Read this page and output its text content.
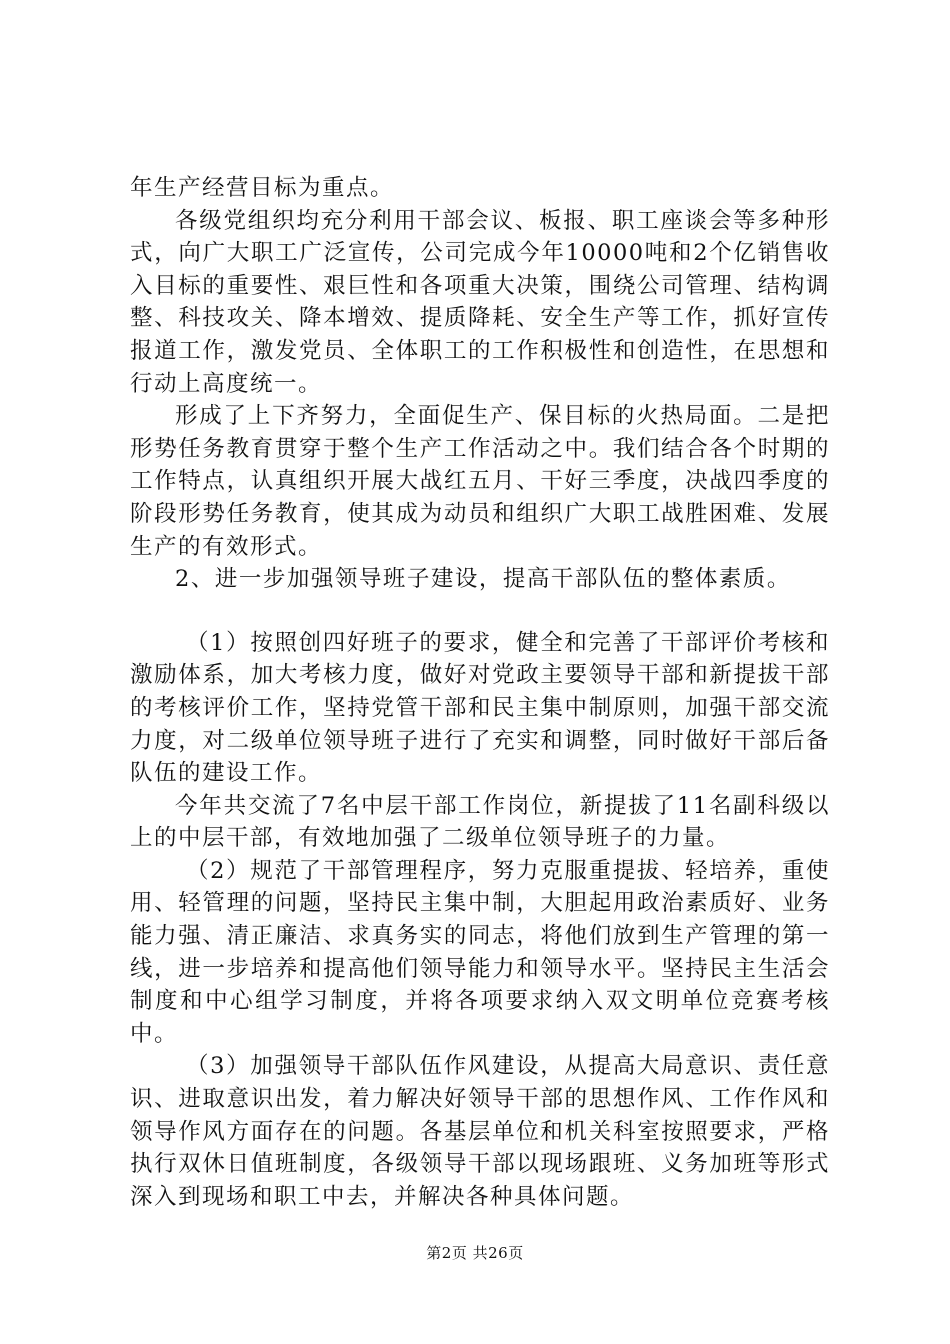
年生产经营目标为重点。

各级党组织均充分利用干部会议、板报、职工座谈会等多种形式，向广大职工广泛宣传，公司完成今年10000吨和2个亿销售收入目标的重要性、艰巨性和各项重大决策，围绕公司管理、结构调整、科技攻关、降本增效、提质降耗、安全生产等工作，抓好宣传报道工作，激发党员、全体职工的工作积极性和创造性，在思想和行动上高度统一。

形成了上下齐努力，全面促生产、保目标的火热局面。二是把形势任务教育贯穿于整个生产工作活动之中。我们结合各个时期的工作特点，认真组织开展大战红五月、干好三季度，决战四季度的阶段形势任务教育，使其成为动员和组织广大职工战胜困难、发展生产的有效形式。

2、进一步加强领导班子建设，提高干部队伍的整体素质。

（1）按照创四好班子的要求，健全和完善了干部评价考核和激励体系，加大考核力度，做好对党政主要领导干部和新提拔干部的考核评价工作，坚持党管干部和民主集中制原则，加强干部交流力度，对二级单位领导班子进行了充实和调整，同时做好干部后备队伍的建设工作。

今年共交流了7名中层干部工作岗位，新提拔了11名副科级以上的中层干部，有效地加强了二级单位领导班子的力量。

（2）规范了干部管理程序，努力克服重提拔、轻培养，重使用、轻管理的问题，坚持民主集中制，大胆起用政治素质好、业务能力强、清正廉洁、求真务实的同志，将他们放到生产管理的第一线，进一步培养和提高他们领导能力和领导水平。坚持民主生活会制度和中心组学习制度，并将各项要求纳入双文明单位竞赛考核中。

（3）加强领导干部队伍作风建设，从提高大局意识、责任意识、进取意识出发，着力解决好领导干部的思想作风、工作作风和领导作风方面存在的问题。各基层单位和机关科室按照要求，严格执行双休日值班制度，各级领导干部以现场跟班、义务加班等形式深入到现场和职工中去，并解决各种具体问题。

第2页 共26页
